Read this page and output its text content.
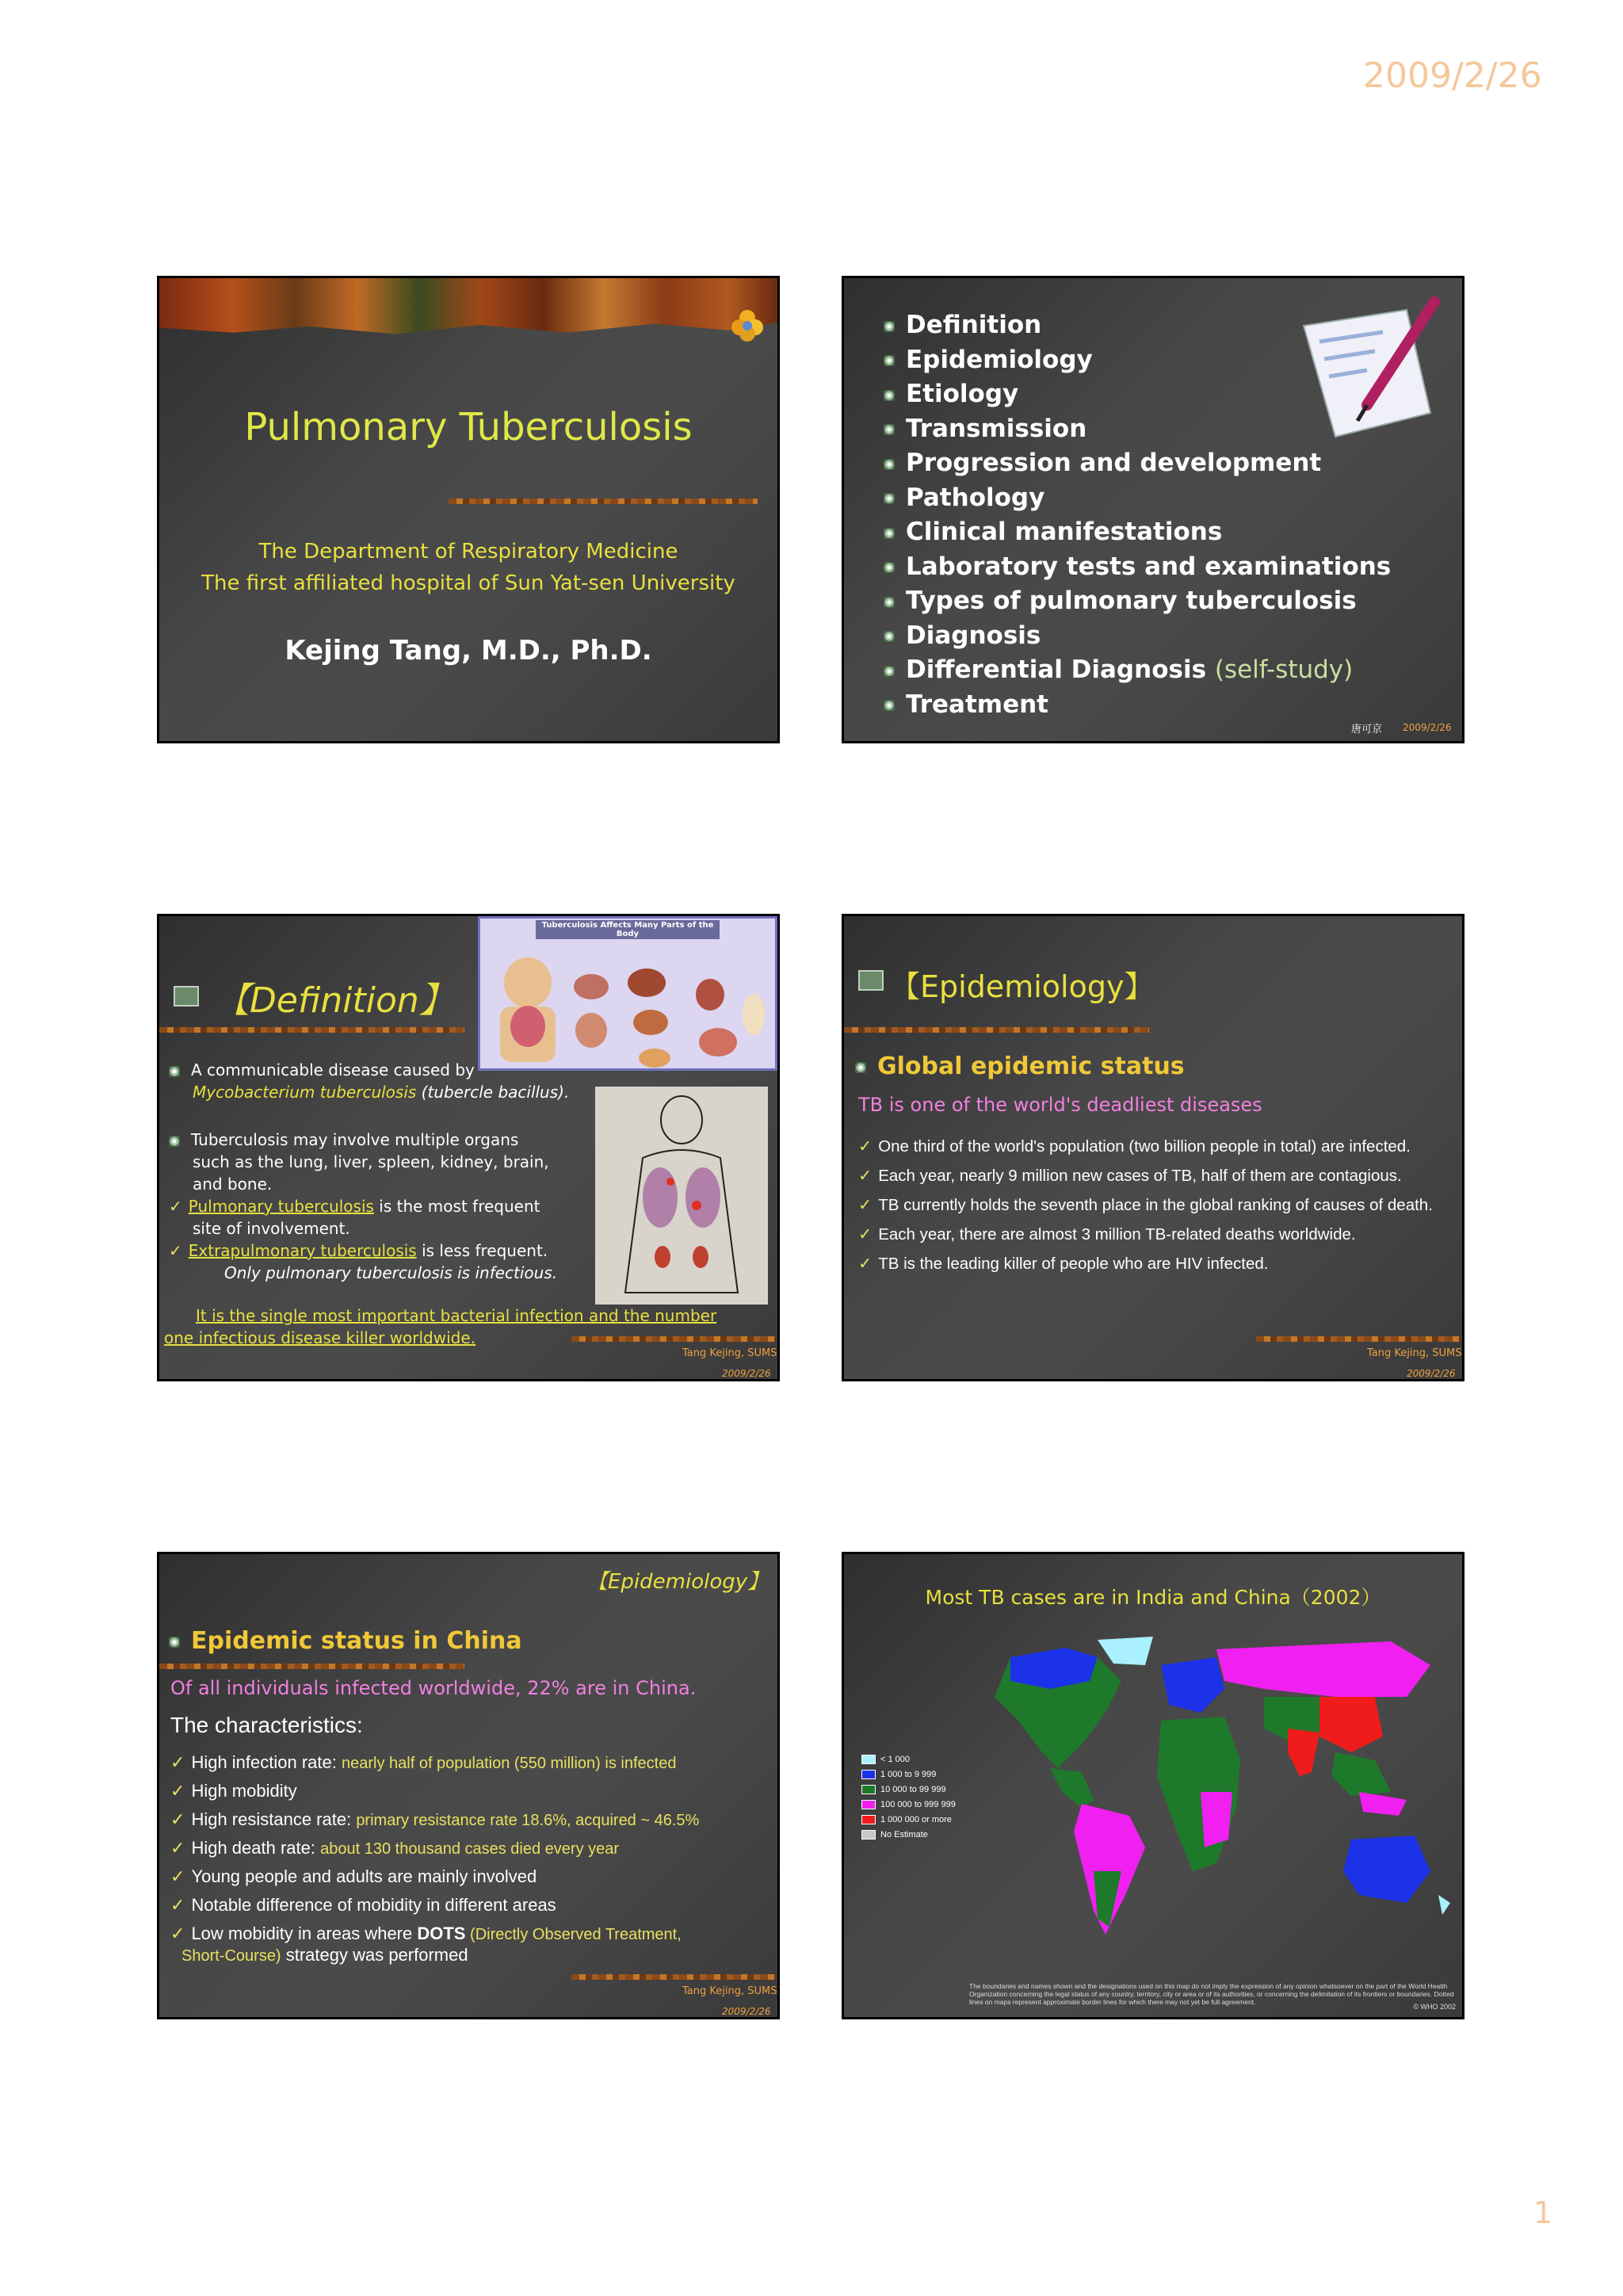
2009/2/26
Pulmonary Tuberculosis
The Department of Respiratory Medicine
The first affiliated hospital of Sun Yat-sen University
Kejing Tang, M.D., Ph.D.
Definition
Epidemiology
Etiology
Transmission
Progression and development
Pathology
Clinical manifestations
Laboratory tests and examinations
Types of pulmonary tuberculosis
Diagnosis
Differential Diagnosis (self-study)
Treatment
唐可京 2009/2/26
【Definition】
Tuberculosis Affects Many Parts of the Body
A communicable disease caused by
Mycobacterium tuberculosis (tubercle bacillus).
Tuberculosis may involve multiple organs
such as the lung, liver, spleen, kidney, brain,
and bone.
✓ Pulmonary tuberculosis is the most frequent
site of involvement.
✓ Extrapulmonary tuberculosis is less frequent.
Only pulmonary tuberculosis is infectious.
It is the single most important bacterial infection and the number
one infectious disease killer worldwide.
Tang Kejing, SUMS
2009/2/26
【Epidemiology】
Global epidemic status
TB is one of the world's deadliest diseases
✓ One third of the world's population (two billion people in total) are infected.
✓ Each year, nearly 9 million new cases of TB, half of them are contagious.
✓ TB currently holds the seventh place in the global ranking of causes of death.
✓ Each year, there are almost 3 million TB-related deaths worldwide.
✓ TB is the leading killer of people who are HIV infected.
Tang Kejing, SUMS
2009/2/26
【Epidemiology】
Epidemic status in China
Of all individuals infected worldwide, 22% are in China.
The characteristics:
✓ High infection rate: nearly half of population (550 million) is infected
✓ High mobidity
✓ High resistance rate: primary resistance rate 18.6%, acquired ~ 46.5%
✓ High death rate: about 130 thousand cases died every year
✓ Young people and adults are mainly involved
✓ Notable difference of mobidity in different areas
✓ Low mobidity in areas where DOTS (Directly Observed Treatment,
Short-Course) strategy was performed
Tang Kejing, SUMS
2009/2/26
Most TB cases are in India and China（2002）
< 1 000
1 000 to 9 999
10 000 to 99 999
100 000 to 999 999
1 000 000 or more
No Estimate
The boundaries and names shown and the designations used on this map do not imply the expression of any opinion whatsoever on the part of the World Health Organization concerning the legal status of any country, territory, city or area or of its authorities, or concerning the delimitation of its frontiers or boundaries. Dotted lines on maps represent approximate border lines for which there may not yet be full agreement.
© WHO 2002
1
